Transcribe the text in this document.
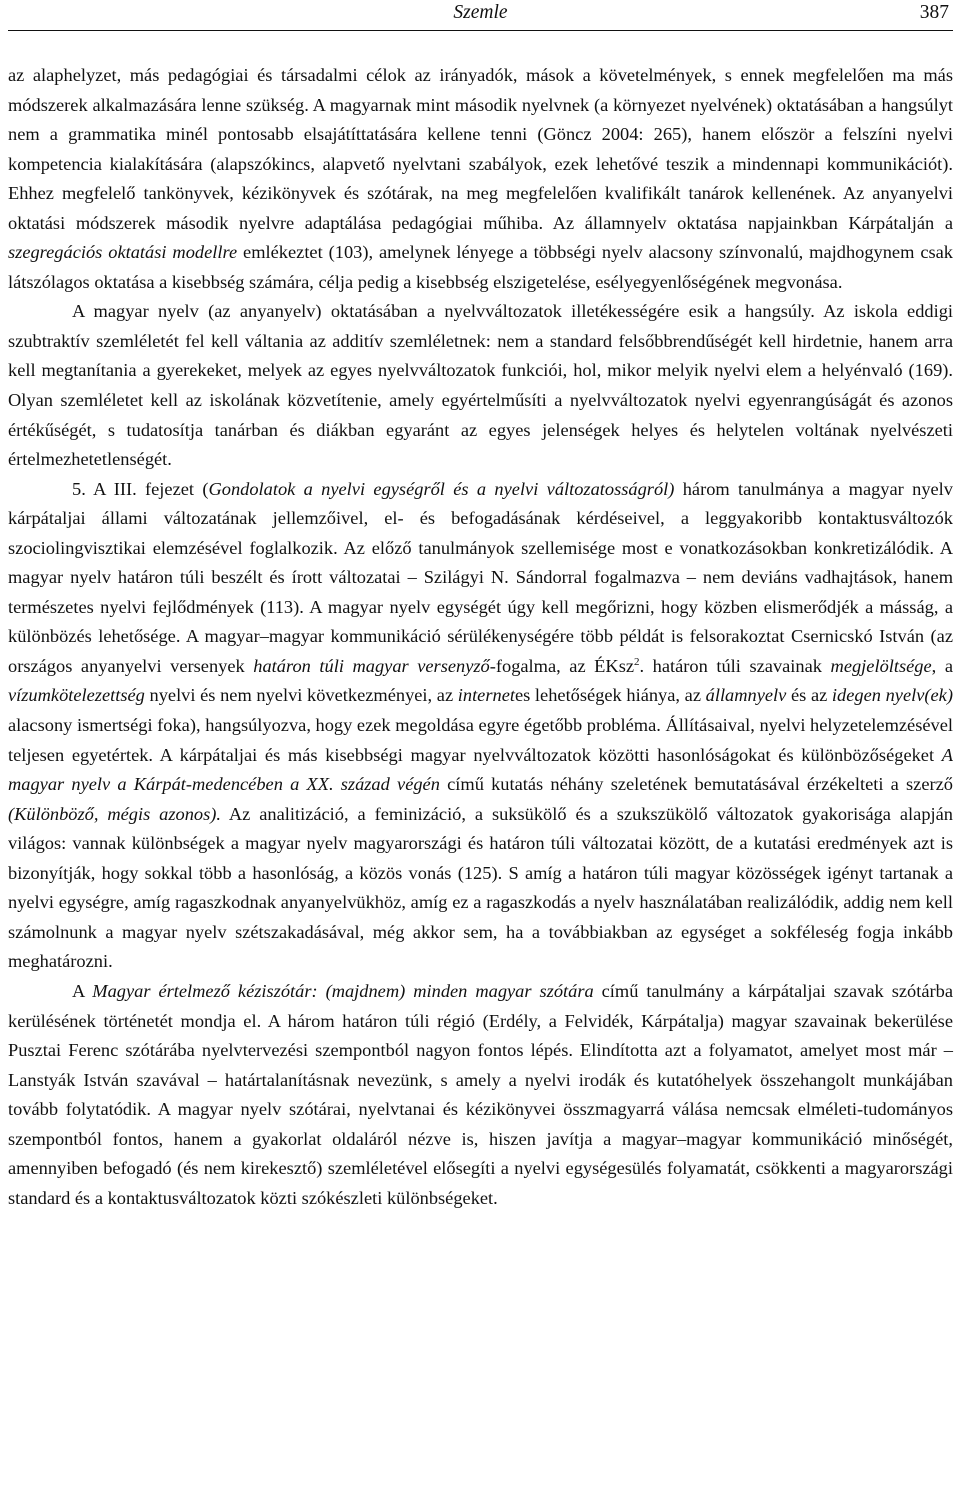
Szemle	387

az alaphelyzet, más pedagógiai és társadalmi célok az irányadók, mások a követelmények, s ennek megfelelően ma más módszerek alkalmazására lenne szükség. A magyarnak mint második nyelvnek (a környezet nyelvének) oktatásában a hangsúlyt nem a grammatika minél pontosabb elsajátíttatására kellene tenni (Göncz 2004: 265), hanem először a felszíni nyelvi kompetencia kialakítására (alapszókincs, alapvető nyelvtani szabályok, ezek lehetővé teszik a mindennapi kommunikációt). Ehhez megfelelő tankönyvek, kézikönyvek és szótárak, na meg megfelelően kvalifikált tanárok kellenének. Az anyanyelvi oktatási módszerek második nyelvre adaptálása pedagógiai műhiba. Az államnyelv oktatása napjainkban Kárpátalján a szegregációs oktatási modellre emlékeztet (103), amelynek lényege a többségi nyelv alacsony színvonalú, majdhogynem csak látszólagos oktatása a kisebbség számára, célja pedig a kisebbség elszigetelése, esélyegyenlőségének megvonása.

A magyar nyelv (az anyanyelv) oktatásában a nyelvváltozatok illetékességére esik a hangsúly. Az iskola eddigi szubtraktív szemléletét fel kell váltania az additív szemléletnek: nem a standard felsőbbrendűségét kell hirdetnie, hanem arra kell megtanítania a gyerekeket, melyek az egyes nyelvváltozatok funkciói, hol, mikor melyik nyelvi elem a helyénvaló (169). Olyan szemléletet kell az iskolának közvetítenie, amely egyértelműsíti a nyelvváltozatok nyelvi egyenrangúságát és azonos értékűségét, s tudatosítja tanárban és diákban egyaránt az egyes jelenségek helyes és helytelen voltának nyelvészeti értelmezhetetlenségét.

5. A III. fejezet (Gondolatok a nyelvi egységről és a nyelvi változatosságról) három tanulmánya a magyar nyelv kárpátaljai állami változatának jellemzőivel, el- és befogadásának kérdéseivel, a leggyakoribb kontaktusváltozók szociolingvisztikai elemzésével foglalkozik. Az előző tanulmányok szellemisége most e vonatkozásokban konkretizálódik. A magyar nyelv határon túli beszélt és írott változatai – Szilágyi N. Sándorral fogalmazva – nem deviáns vadhajtások, hanem természetes nyelvi fejlődmények (113). A magyar nyelv egységét úgy kell megőrizni, hogy közben elismerődjék a másság, a különbözés lehetősége. A magyar–magyar kommunikáció sérülékenységére több példát is felsorakoztat Csernicskó István (az országos anyanyelvi versenyek határon túli magyar versenyző-fogalma, az ÉKsz$^2$. határon túli szavainak megjelöltsége, a vízumkötelezettség nyelvi és nem nyelvi következményei, az internetes lehetőségek hiánya, az államnyelv és az idegen nyelv(ek) alacsony ismertségi foka), hangsúlyozva, hogy ezek megoldása egyre égetőbb probléma. Állításaival, nyelvi helyzetelemzésével teljesen egyetértek. A kárpátaljai és más kisebbségi magyar nyelvváltozatok közötti hasonlóságokat és különbözőségeket A magyar nyelv a Kárpát-medencében a XX. század végén című kutatás néhány szeletének bemutatásával érzékelteti a szerző (Különböző, mégis azonos). Az analitizáció, a feminizáció, a suksükölő és a szukszükölő változatok gyakorisága alapján világos: vannak különbségek a magyar nyelv magyarországi és határon túli változatai között, de a kutatási eredmények azt is bizonyítják, hogy sokkal több a hasonlóság, a közös vonás (125). S amíg a határon túli magyar közösségek igényt tartanak a nyelvi egységre, amíg ragaszkodnak anyanyelvükhöz, amíg ez a ragaszkodás a nyelv használatában realizálódik, addig nem kell számolnunk a magyar nyelv szétszakadásával, még akkor sem, ha a továbbiakban az egységet a sokféleség fogja inkább meghatározni.

A Magyar értelmező kéziszótár: (majdnem) minden magyar szótára című tanulmány a kárpátaljai szavak szótárba kerülésének történetét mondja el. A három határon túli régió (Erdély, a Felvidék, Kárpátalja) magyar szavainak bekerülése Pusztai Ferenc szótárába nyelvtervezési szempontból nagyon fontos lépés. Elindította azt a folyamatot, amelyet most már – Lanstyák István szavával – határtalanításnak nevezünk, s amely a nyelvi irodák és kutatóhelyek összehangolt munkájában tovább folytatódik. A magyar nyelv szótárai, nyelvtanai és kézikönyvei összmagyarrá válása nemcsak elméleti-tudományos szempontból fontos, hanem a gyakorlat oldaláról nézve is, hiszen javítja a magyar–magyar kommunikáció minőségét, amennyiben befogadó (és nem kirekesztő) szemléletével elősegíti a nyelvi egységesülés folyamatát, csökkenti a magyarországi standard és a kontaktusváltozatok közti szókészleti különbségeket.
